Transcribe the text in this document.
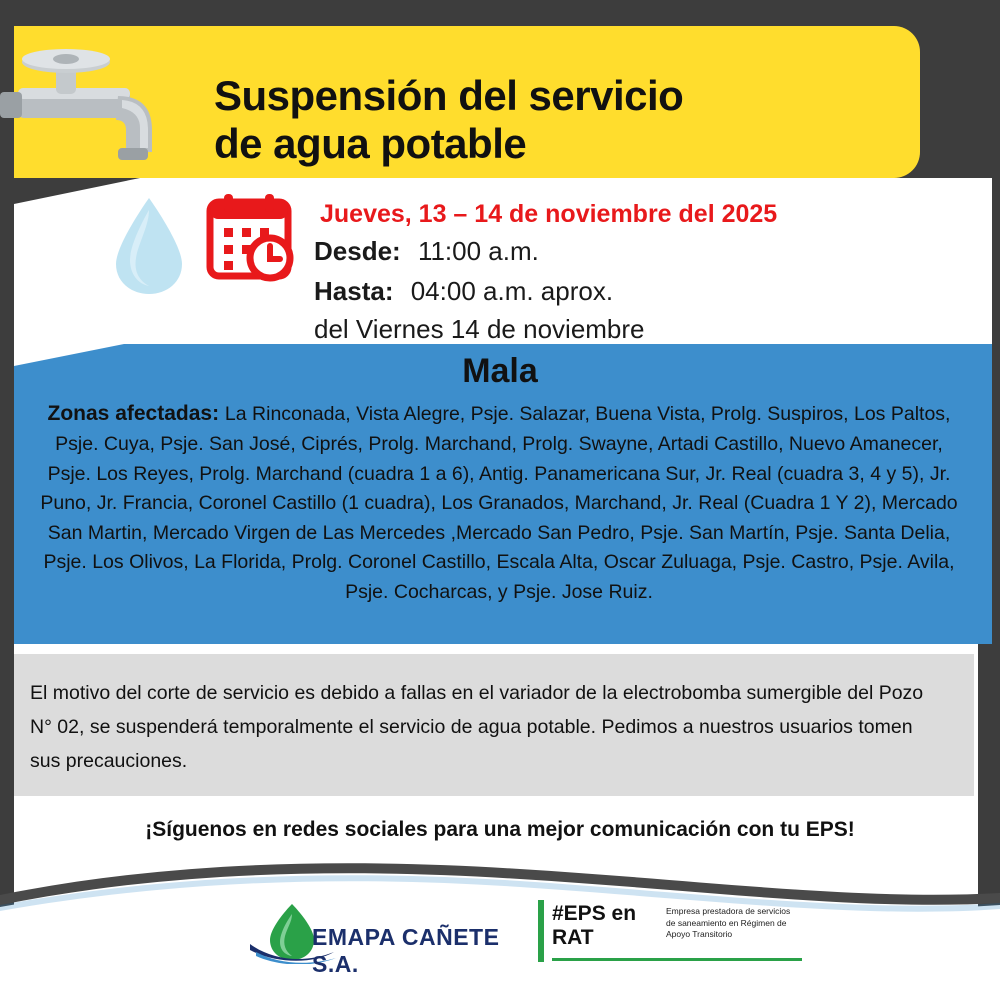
Suspensión del servicio
de agua potable
Jueves, 13 – 14 de noviembre del 2025
Desde: 11:00 a.m.
Hasta: 04:00 a.m. aprox.
del Viernes 14 de noviembre
Mala
Zonas afectadas: La Rinconada, Vista Alegre, Psje. Salazar, Buena Vista, Prolg. Suspiros, Los Paltos, Psje. Cuya, Psje. San José, Ciprés, Prolg. Marchand, Prolg. Swayne, Artadi Castillo, Nuevo Amanecer, Psje. Los Reyes, Prolg. Marchand (cuadra 1 a 6), Antig. Panamericana Sur, Jr. Real (cuadra 3, 4 y 5), Jr. Puno, Jr. Francia, Coronel Castillo (1 cuadra), Los Granados, Marchand, Jr. Real (Cuadra 1 Y 2), Mercado San Martin, Mercado Virgen de Las Mercedes ,Mercado San Pedro, Psje. San Martín, Psje. Santa Delia, Psje. Los Olivos, La Florida, Prolg. Coronel Castillo, Escala Alta, Oscar Zuluaga, Psje. Castro, Psje. Avila, Psje. Cocharcas, y Psje. Jose Ruiz.
El motivo del corte de servicio es debido a fallas en el variador de la electrobomba sumergible del Pozo N° 02, se suspenderá temporalmente el servicio de agua potable. Pedimos a nuestros usuarios tomen sus precauciones.
¡Síguenos en redes sociales para una mejor comunicación con tu EPS!
EMAPA CAÑETE S.A.
#EPS en
RAT
Empresa prestadora de servicios de saneamiento en Régimen de Apoyo Transitorio
